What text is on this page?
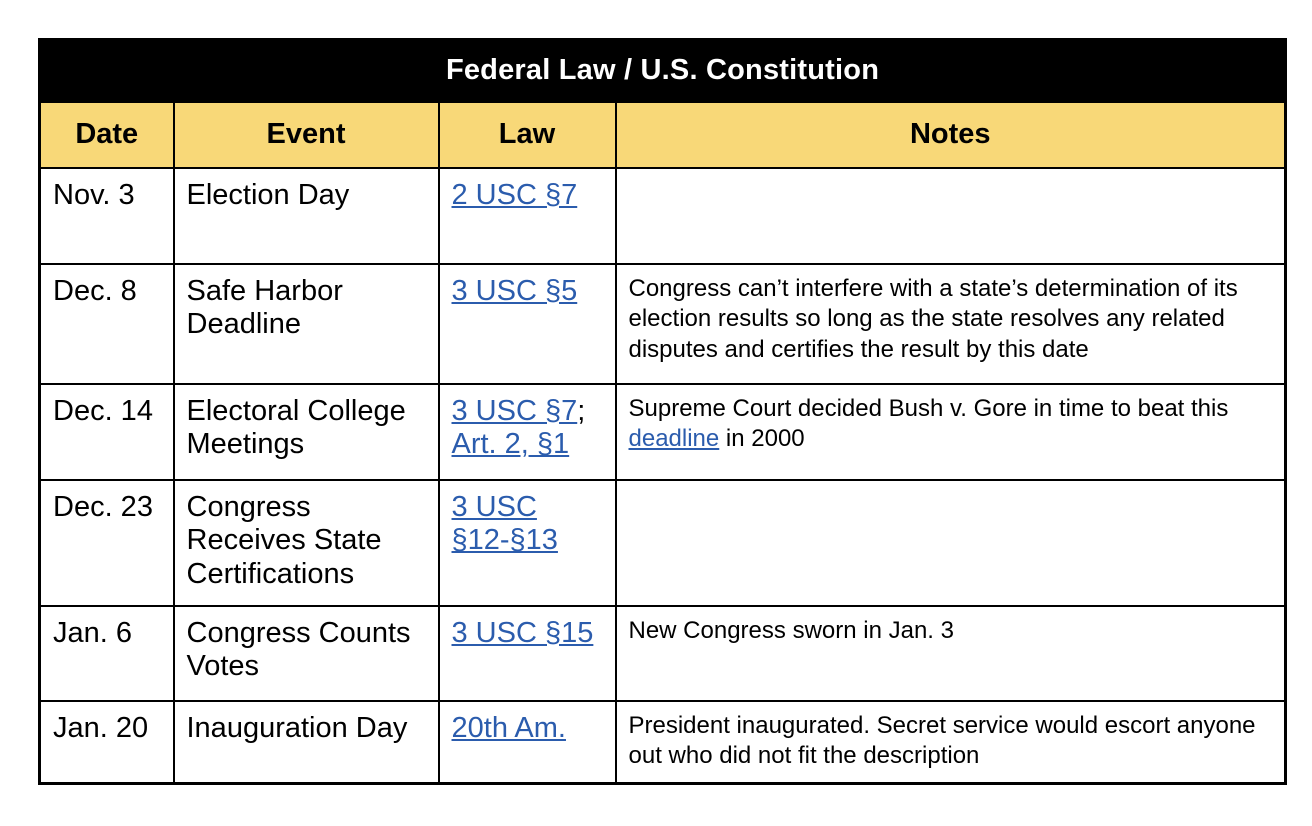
Federal Law / U.S. Constitution			
Date	Event	Law	Notes
Nov. 3	Election Day	2 USC §7	
Dec. 8	Safe Harbor Deadline	3 USC §5	Congress can’t interfere with a state’s determination of its election results so long as the state resolves any related disputes and certifies the result by this date
Dec. 14	Electoral College Meetings	3 USC §7; Art. 2, §1	Supreme Court decided Bush v. Gore in time to beat this deadline in 2000
Dec. 23	Congress Receives State Certifications	3 USC §12-§13	
Jan. 6	Congress Counts Votes	3 USC §15	New Congress sworn in Jan. 3
Jan. 20	Inauguration Day	20th Am.	President inaugurated. Secret service would escort anyone out who did not fit the description
